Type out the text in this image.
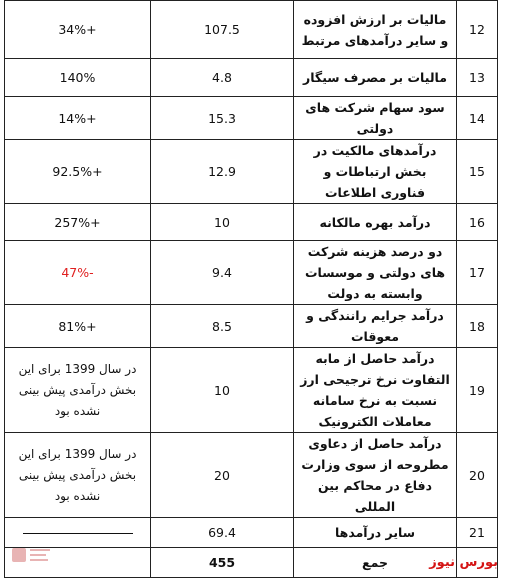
12	مالیات بر ارزش افزوده و سایر درآمدهای مرتبط	107.5	+34%
13	مالیات بر مصرف سیگار	4.8	140%
14	سود سهام شرکت های دولتی	15.3	+14%
15	درآمدهای مالکیت در بخش ارتباطات و فناوری اطلاعات	12.9	+92.5%
16	درآمد بهره مالکانه	10	+257%
17	دو درصد هزینه شرکت های دولتی و موسسات وابسته به دولت	9.4	-47%
18	درآمد جرایم رانندگی و معوقات	8.5	+81%
19	درآمد حاصل از مابه التفاوت نرخ ترجیحی ارز نسبت به نرخ سامانه معاملات الکترونیک	10	در سال 1399 برای این بخش درآمدی پیش بینی نشده بود

20	درآمد حاصل از دعاوی مطروحه از سوی وزارت دفاع در محاکم بین المللی	20	در سال 1399 برای این بخش درآمدی پیش بینی نشده بود

21	سایر درآمدها	69.4	
	جمع	455		بورس نیوز
